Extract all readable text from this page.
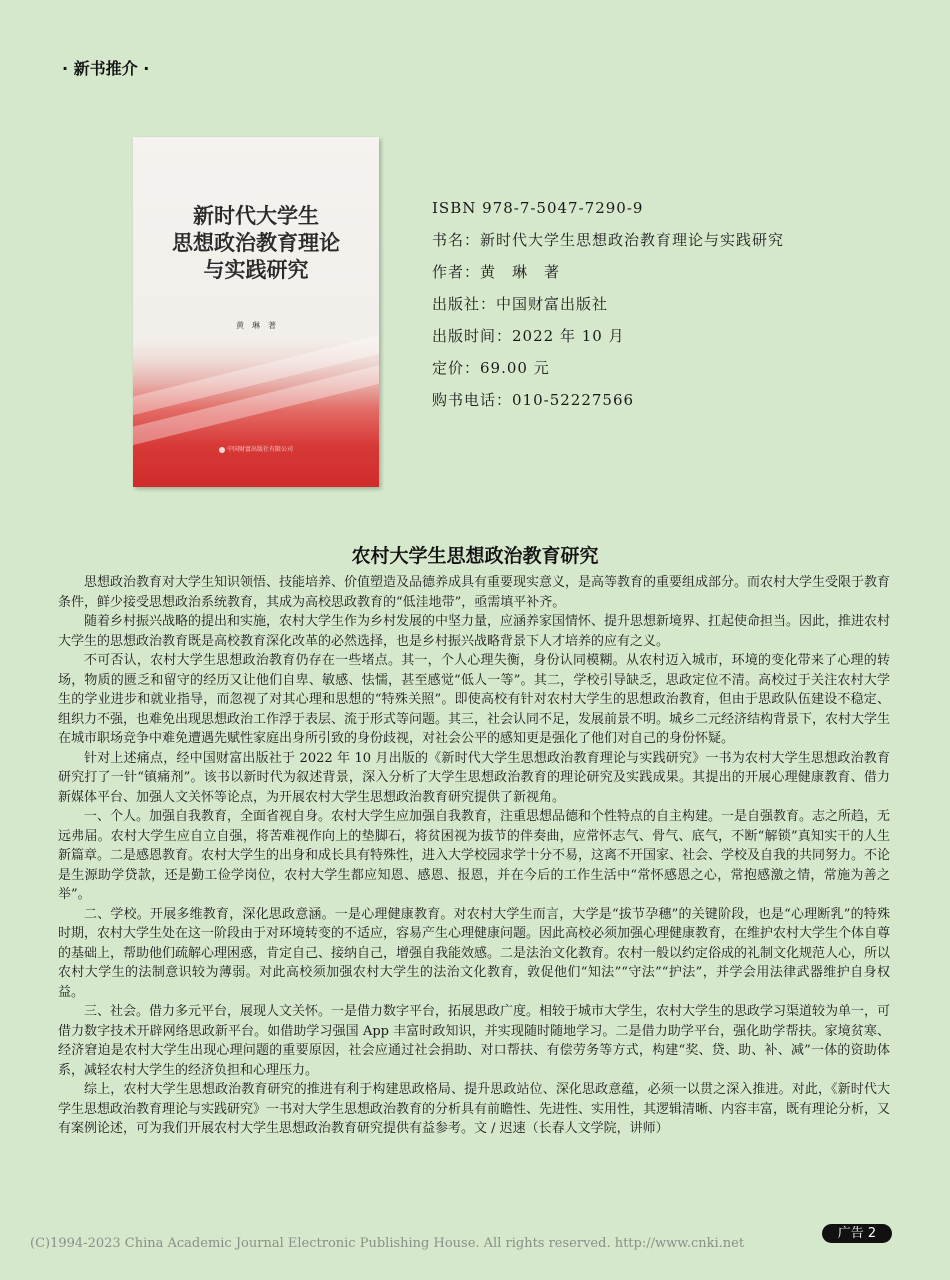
· 新书推介 ·
新时代大学生
思想政治教育理论
与实践研究
黄　琳　著
中国财富出版社有限公司
ISBN 978-7-5047-7290-9
书名：新时代大学生思想政治教育理论与实践研究
作者：黄　琳　著
出版社：中国财富出版社
出版时间：2022 年 10 月
定价：69.00 元
购书电话：010-52227566
农村大学生思想政治教育研究

思想政治教育对大学生知识领悟、技能培养、价值塑造及品德养成具有重要现实意义，是高等教育的重要组成部分。而农村大学生受限于教育条件，鲜少接受思想政治系统教育，其成为高校思政教育的“低洼地带”，亟需填平补齐。

随着乡村振兴战略的提出和实施，农村大学生作为乡村发展的中坚力量，应涵养家国情怀、提升思想新境界、扛起使命担当。因此，推进农村大学生的思想政治教育既是高校教育深化改革的必然选择，也是乡村振兴战略背景下人才培养的应有之义。

不可否认，农村大学生思想政治教育仍存在一些堵点。其一，个人心理失衡，身份认同模糊。从农村迈入城市，环境的变化带来了心理的转场，物质的匮乏和留守的经历又让他们自卑、敏感、怯懦，甚至感觉“低人一等”。其二，学校引导缺乏，思政定位不清。高校过于关注农村大学生的学业进步和就业指导，而忽视了对其心理和思想的“特殊关照”。即使高校有针对农村大学生的思想政治教育，但由于思政队伍建设不稳定、组织力不强，也难免出现思想政治工作浮于表层、流于形式等问题。其三，社会认同不足，发展前景不明。城乡二元经济结构背景下，农村大学生在城市职场竞争中难免遭遇先赋性家庭出身所引致的身份歧视，对社会公平的感知更是强化了他们对自己的身份怀疑。

针对上述痛点，经中国财富出版社于 2022 年 10 月出版的《新时代大学生思想政治教育理论与实践研究》一书为农村大学生思想政治教育研究打了一针“镇痛剂”。该书以新时代为叙述背景，深入分析了大学生思想政治教育的理论研究及实践成果。其提出的开展心理健康教育、借力新媒体平台、加强人文关怀等论点，为开展农村大学生思想政治教育研究提供了新视角。

一、个人。加强自我教育，全面省视自身。农村大学生应加强自我教育，注重思想品德和个性特点的自主构建。一是自强教育。志之所趋，无远弗届。农村大学生应自立自强，将苦难视作向上的垫脚石，将贫困视为拔节的伴奏曲，应常怀志气、骨气、底气，不断“解锁”真知实干的人生新篇章。二是感恩教育。农村大学生的出身和成长具有特殊性，进入大学校园求学十分不易，这离不开国家、社会、学校及自我的共同努力。不论是生源助学贷款，还是勤工俭学岗位，农村大学生都应知恩、感恩、报恩，并在今后的工作生活中“常怀感恩之心，常抱感激之情，常施为善之举”。

二、学校。开展多维教育，深化思政意涵。一是心理健康教育。对农村大学生而言，大学是“拔节孕穗”的关键阶段，也是“心理断乳”的特殊时期，农村大学生处在这一阶段由于对环境转变的不适应，容易产生心理健康问题。因此高校必须加强心理健康教育，在维护农村大学生个体自尊的基础上，帮助他们疏解心理困惑，肯定自己、接纳自己，增强自我能效感。二是法治文化教育。农村一般以约定俗成的礼制文化规范人心，所以农村大学生的法制意识较为薄弱。对此高校须加强农村大学生的法治文化教育，敦促他们“知法”“守法”“护法”，并学会用法律武器维护自身权益。

三、社会。借力多元平台，展现人文关怀。一是借力数字平台，拓展思政广度。相较于城市大学生，农村大学生的思政学习渠道较为单一，可借力数字技术开辟网络思政新平台。如借助学习强国 App 丰富时政知识，并实现随时随地学习。二是借力助学平台，强化助学帮扶。家境贫寒、经济窘迫是农村大学生出现心理问题的重要原因，社会应通过社会捐助、对口帮扶、有偿劳务等方式，构建“奖、贷、助、补、减”一体的资助体系，减轻农村大学生的经济负担和心理压力。

综上，农村大学生思想政治教育研究的推进有利于构建思政格局、提升思政站位、深化思政意蕴，必须一以贯之深入推进。对此，《新时代大学生思想政治教育理论与实践研究》一书对大学生思想政治教育的分析具有前瞻性、先进性、实用性，其逻辑清晰、内容丰富，既有理论分析，又有案例论述，可为我们开展农村大学生思想政治教育研究提供有益参考。文 / 迟速（长春人文学院，讲师）

广告 2
(C)1994-2023 China Academic Journal Electronic Publishing House. All rights reserved. http://www.cnki.net
